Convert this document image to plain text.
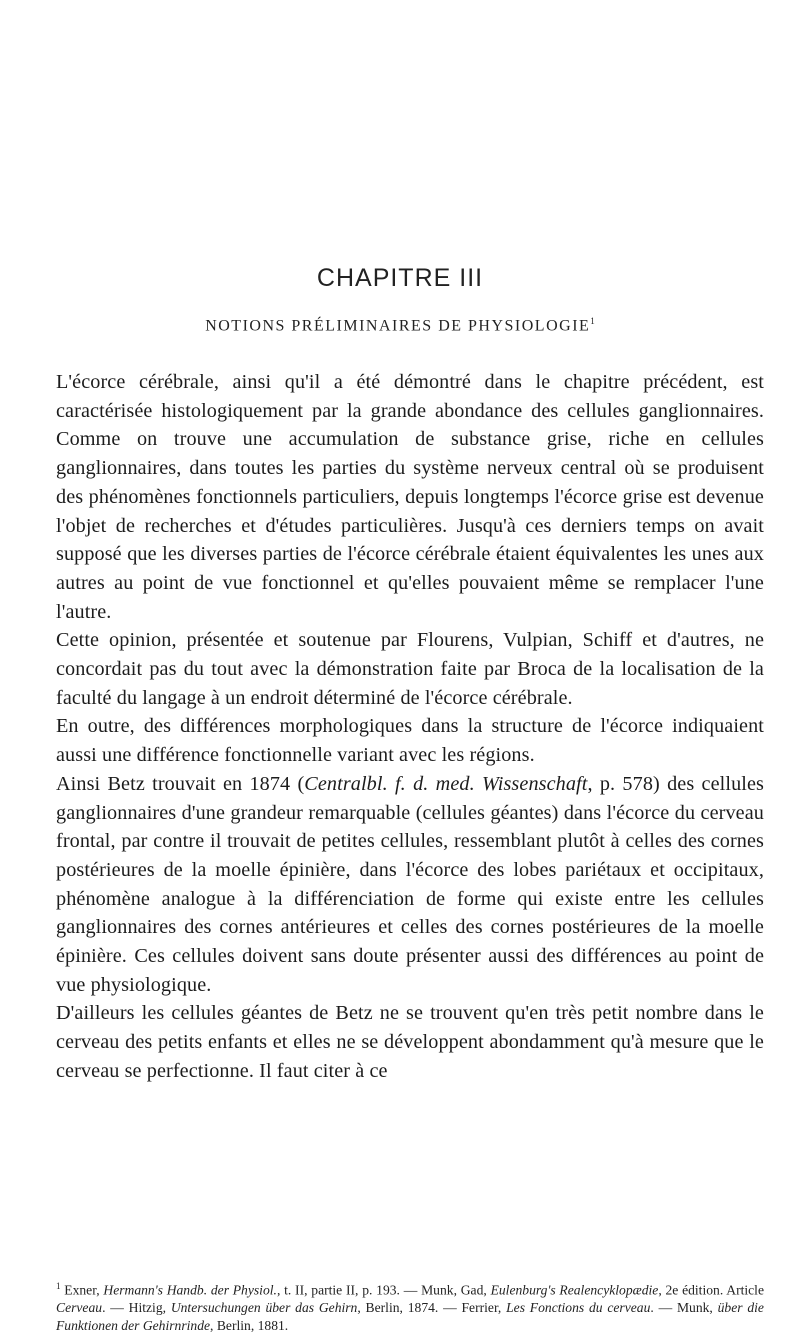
CHAPITRE III
NOTIONS PRÉLIMINAIRES DE PHYSIOLOGIE$^1$

L'écorce cérébrale, ainsi qu'il a été démontré dans le chapitre précédent, est caractérisée histologiquement par la grande abondance des cellules ganglionnaires. Comme on trouve une accumulation de substance grise, riche en cellules ganglionnaires, dans toutes les parties du système nerveux central où se produisent des phénomènes fonctionnels particuliers, depuis longtemps l'écorce grise est devenue l'objet de recherches et d'études particulières. Jusqu'à ces derniers temps on avait supposé que les diverses parties de l'écorce cérébrale étaient équivalentes les unes aux autres au point de vue fonctionnel et qu'elles pouvaient même se remplacer l'une l'autre.

Cette opinion, présentée et soutenue par Flourens, Vulpian, Schiff et d'autres, ne concordait pas du tout avec la démonstration faite par Broca de la localisation de la faculté du langage à un endroit déterminé de l'écorce cérébrale.

En outre, des différences morphologiques dans la structure de l'écorce indiquaient aussi une différence fonctionnelle variant avec les régions.

Ainsi Betz trouvait en 1874 (Centralbl. f. d. med. Wissenschaft, p. 578) des cellules ganglionnaires d'une grandeur remarquable (cellules géantes) dans l'écorce du cerveau frontal, par contre il trouvait de petites cellules, ressemblant plutôt à celles des cornes postérieures de la moelle épinière, dans l'écorce des lobes pariétaux et occipitaux, phénomène analogue à la différenciation de forme qui existe entre les cellules ganglionnaires des cornes antérieures et celles des cornes postérieures de la moelle épinière. Ces cellules doivent sans doute présenter aussi des différences au point de vue physiologique.

D'ailleurs les cellules géantes de Betz ne se trouvent qu'en très petit nombre dans le cerveau des petits enfants et elles ne se développent abondamment qu'à mesure que le cerveau se perfectionne. Il faut citer à ce

$^1$ Exner, Hermann's Handb. der Physiol., t. II, partie II, p. 193. — Munk, Gad, Eulenburg's Realencyklopædie, 2e édition. Article Cerveau. — Hitzig, Untersuchungen über das Gehirn, Berlin, 1874. — Ferrier, Les Fonctions du cerveau. — Munk, über die Funktionen der Gehirnrinde, Berlin, 1881.
